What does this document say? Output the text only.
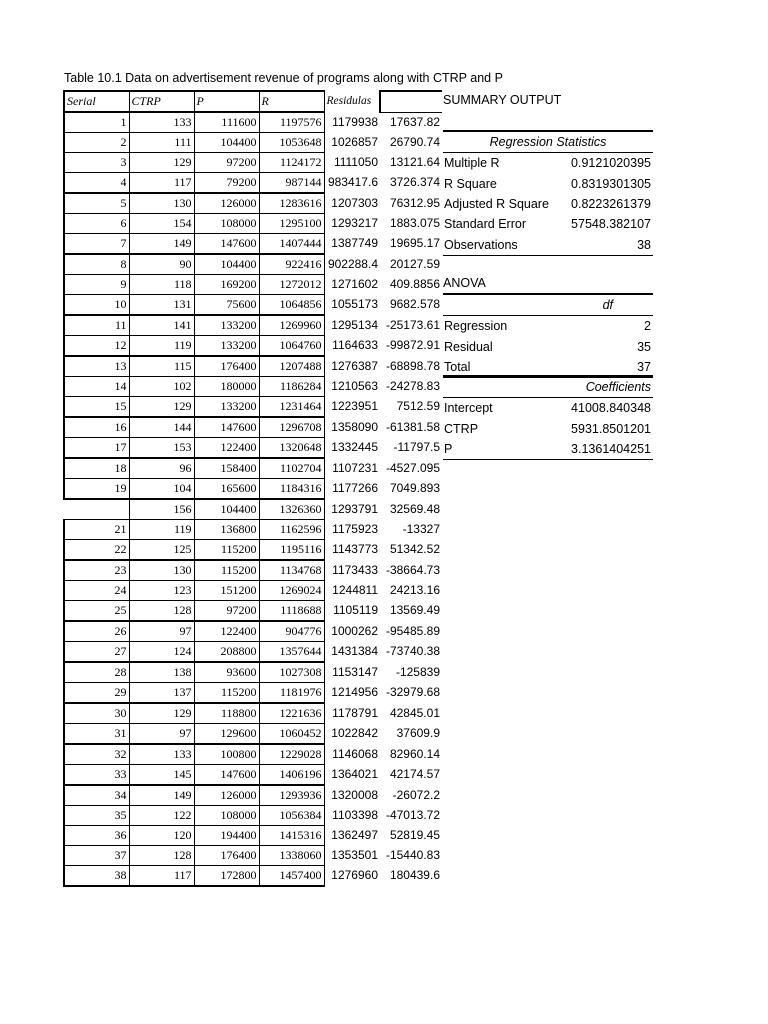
Table 10.1 Data on advertisement revenue of programs along with CTRP and P
Serial	CTRP	P	R	Residulas	
1	133	111600	1197576	1179938	17637.82
2	111	104400	1053648	1026857	26790.74
3	129	97200	1124172	1111050	13121.64
4	117	79200	987144	983417.6	3726.374
5	130	126000	1283616	1207303	76312.95
6	154	108000	1295100	1293217	1883.075
7	149	147600	1407444	1387749	19695.17
8	90	104400	922416	902288.4	20127.59
9	118	169200	1272012	1271602	409.8856
10	131	75600	1064856	1055173	9682.578
11	141	133200	1269960	1295134	-25173.61
12	119	133200	1064760	1164633	-99872.91
13	115	176400	1207488	1276387	-68898.78
14	102	180000	1186284	1210563	-24278.83
15	129	133200	1231464	1223951	7512.59
16	144	147600	1296708	1358090	-61381.58
17	153	122400	1320648	1332445	-11797.5
18	96	158400	1102704	1107231	-4527.095
19	104	165600	1184316	1177266	7049.893
	156	104400	1326360	1293791	32569.48
21	119	136800	1162596	1175923	-13327
22	125	115200	1195116	1143773	51342.52
23	130	115200	1134768	1173433	-38664.73
24	123	151200	1269024	1244811	24213.16
25	128	97200	1118688	1105119	13569.49
26	97	122400	904776	1000262	-95485.89
27	124	208800	1357644	1431384	-73740.38
28	138	93600	1027308	1153147	-125839
29	137	115200	1181976	1214956	-32979.68
30	129	118800	1221636	1178791	42845.01
31	97	129600	1060452	1022842	37609.9
32	133	100800	1229028	1146068	82960.14
33	145	147600	1406196	1364021	42174.57
34	149	126000	1293936	1320008	-26072.2
35	122	108000	1056384	1103398	-47013.72
36	120	194400	1415316	1362497	52819.45
37	128	176400	1338060	1353501	-15440.83
38	117	172800	1457400	1276960	180439.6
SUMMARY OUTPUT
Regression Statistics	
Multiple R	0.9121020395
R Square	0.8319301305
Adjusted R Square	0.8223261379
Standard Error	57548.382107
Observations	38
ANOVA
	df
Regression	2
Residual	35
Total	37
	Coefficients
Intercept	41008.840348
CTRP	5931.8501201
P	3.1361404251
